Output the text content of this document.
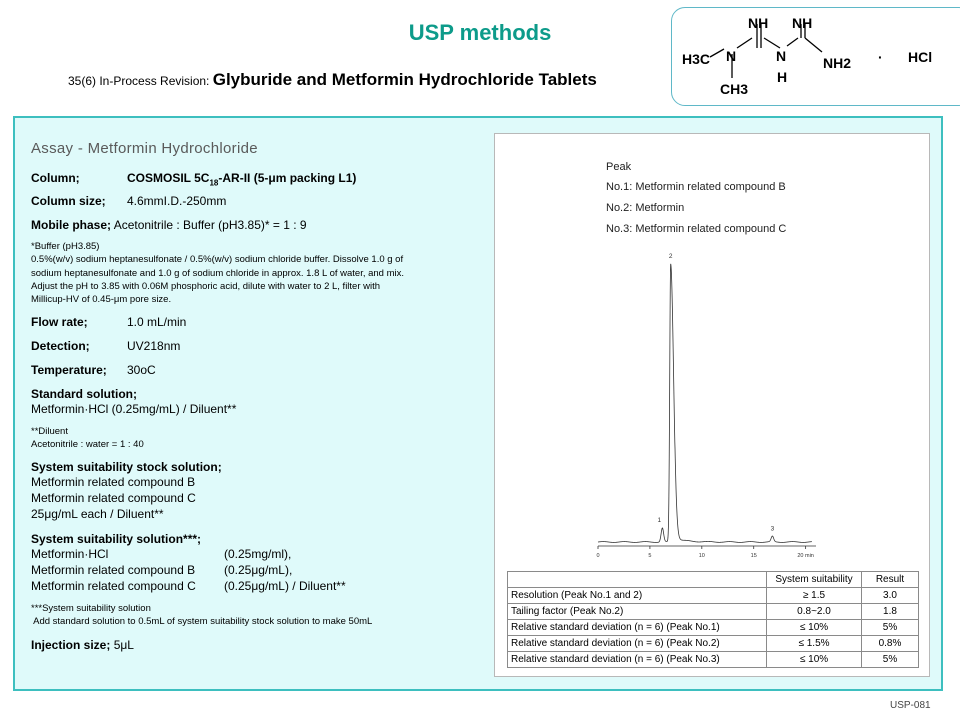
USP methods
35(6) In-Process Revision: Glyburide and Metformin Hydrochloride Tablets
NH NH
H3C N	N
H
NH2
CH3
· HCl
Assay - Metformin Hydrochloride
Column;	COSMOSIL $5C_{18}-AR-II$ (5-μm packing L1)
Column size; 4.6mmI.D.-250mm
Mobile phase; Acetonitrile : Buffer (pH3.85)* = 1 : 9
*Buffer (pH3.85)
0.5%(w/v) sodium heptanesulfonate / 0.5%(w/v) sodium chloride buffer. Dissolve 1.0 g of
sodium heptanesulfonate and 1.0 g of sodium chloride in approx. 1.8 L of water, and mix.
Adjust the pH to 3.85 with 0.06M phosphoric acid, dilute with water to 2 L, filter with
Millicup-HV of 0.45-μm pore size.
Flow rate;	1.0 mL/min
Detection;	UV218nm
Temperature; 30oC
Standard solution;
Metformin·HCl (0.25mg/mL) / Diluent**
**Diluent
Acetonitrile : water = 1 : 40
System suitability stock solution;
Metformin related compound B
Metformin related compound C
25μg/mL each / Diluent**
System suitability solution***;
Metformin·HCl	(0.25mg/ml),
Metformin related compound B (0.25μg/mL),
Metformin related compound C (0.25μg/mL) / Diluent**
***System suitability solution
Add standard solution to 0.5mL of system suitability stock solution to make 50mL
Injection size; 5μL
Peak
No.1: Metformin related compound B
No.2: Metformin
No.3: Metformin related compound C
0	5	10	15	20 min
1
2
3
	System suitability	Result
Resolution (Peak No.1 and 2)	≥ 1.5	3.0
Tailing factor (Peak No.2)	0.8~2.0	1.8
Relative standard deviation (n = 6) (Peak No.1)	≤ 10%	5%
Relative standard deviation (n = 6) (Peak No.2)	≤ 1.5%	0.8%
Relative standard deviation (n = 6) (Peak No.3)	≤ 10%	5%
USP-081
